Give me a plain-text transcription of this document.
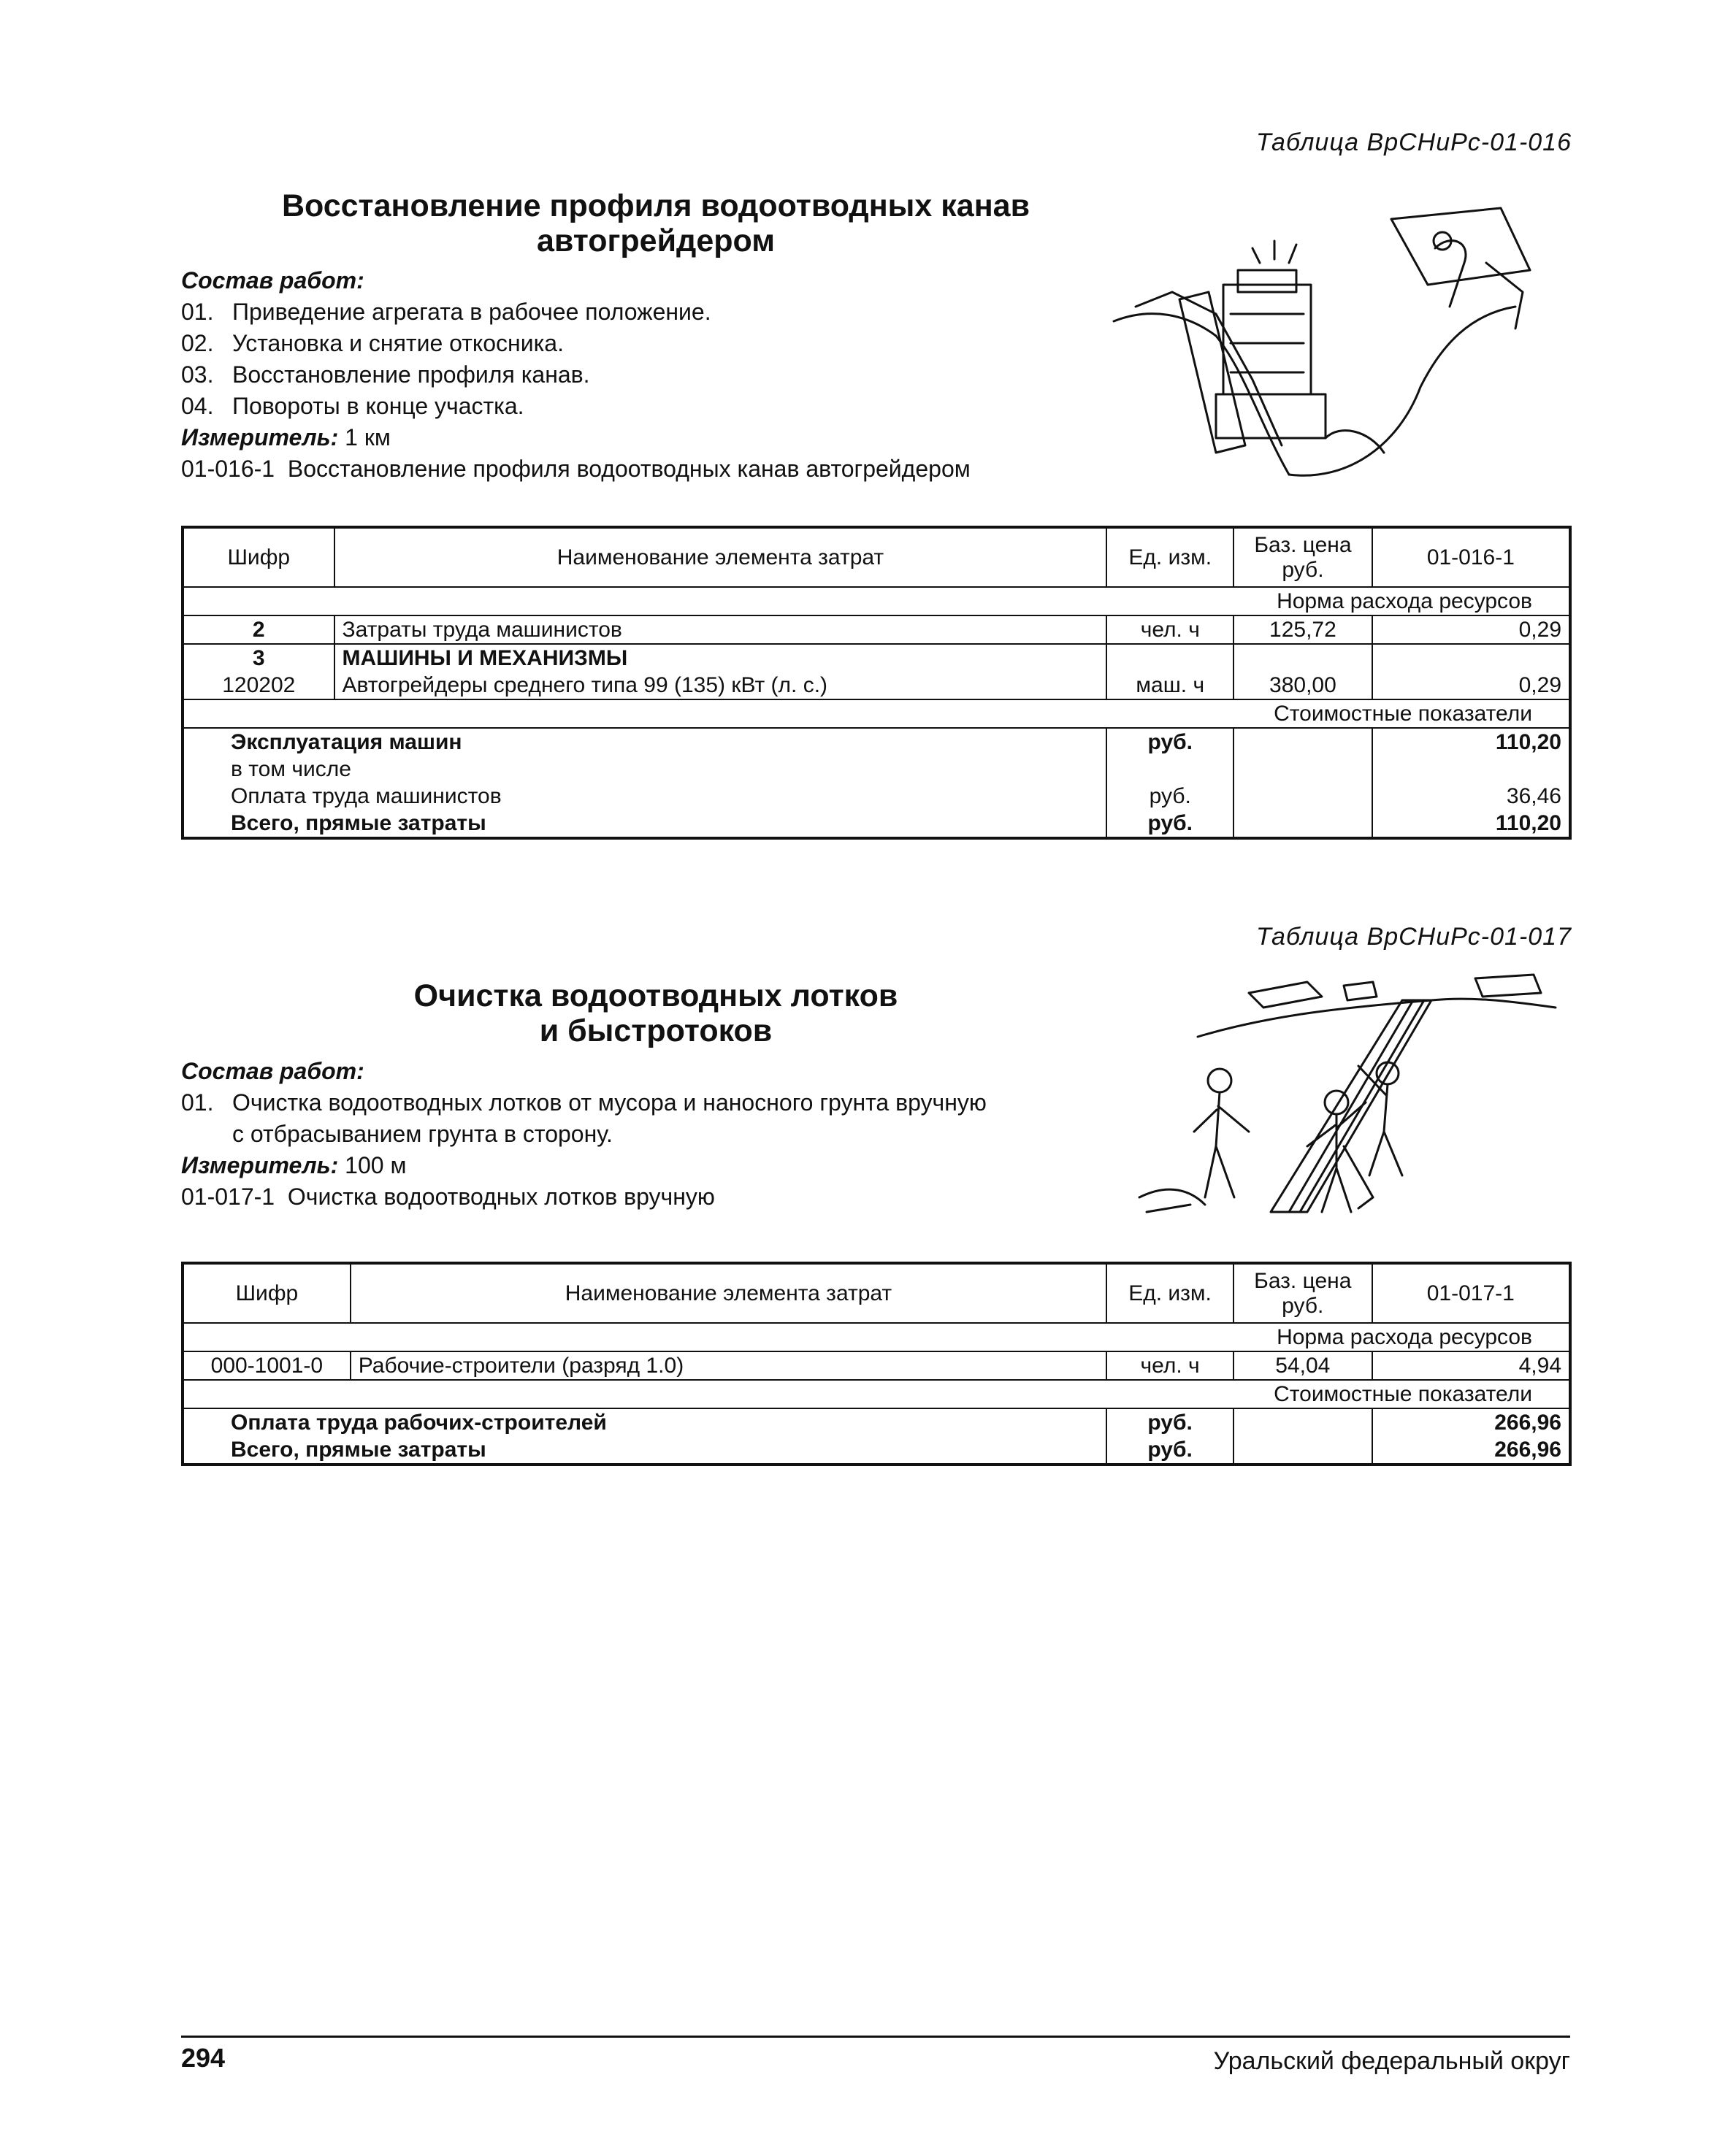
Таблица ВрСНиРс-01-016
Восстановление профиля водоотводных канав
автогрейдером
Состав работ:
01. Приведение агрегата в рабочее положение.
02. Установка и снятие откосника.
03. Восстановление профиля канав.
04. Повороты в конце участка.
Измеритель: 1 км
01-016-1  Восстановление профиля водоотводных канав автогрейдером
Шифр	Наименование элемента затрат	Ед. изм.	Баз. цена руб.	01-016-1
Норма расхода ресурсов				
2	Затраты труда машинистов	чел. ч	125,72	0,29
3	МАШИНЫ И МЕХАНИЗМЫ			
120202	Автогрейдеры среднего типа 99 (135) кВт (л. с.)	маш. ч	380,00	0,29
Стоимостные показатели				
Эксплуатация машин		руб.		110,20
в том числе				
Оплата труда машинистов		руб.		36,46
Всего, прямые затраты		руб.		110,20
Таблица ВрСНиРс-01-017
Очистка водоотводных лотков
и быстротоков
Состав работ:
01. Очистка водоотводных лотков от мусора и наносного грунта вручную
с отбрасыванием грунта в сторону.
Измеритель: 100 м
01-017-1  Очистка водоотводных лотков вручную
Шифр	Наименование элемента затрат	Ед. изм.	Баз. цена руб.	01-017-1
Норма расхода ресурсов				
000-1001-0	Рабочие-строители (разряд 1.0)	чел. ч	54,04	4,94
Стоимостные показатели				
Оплата труда рабочих-строителей		руб.		266,96
Всего, прямые затраты		руб.		266,96
294	Уральский федеральный округ
